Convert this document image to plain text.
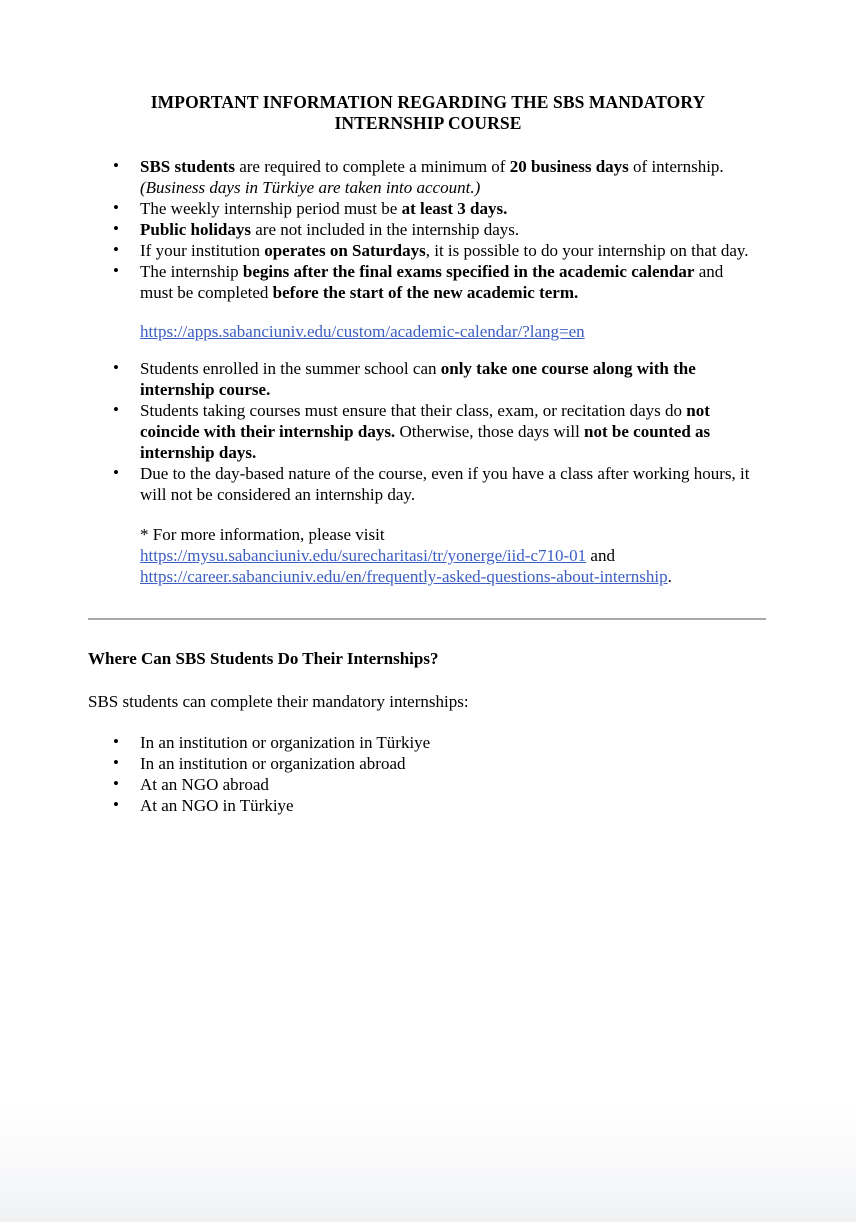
IMPORTANT INFORMATION REGARDING THE SBS MANDATORY
INTERNSHIP COURSE
• SBS students are required to complete a minimum of 20 business days of internship.
(Business days in Türkiye are taken into account.)
• The weekly internship period must be at least 3 days.
• Public holidays are not included in the internship days.
• If your institution operates on Saturdays, it is possible to do your internship on that day.
• The internship begins after the final exams specified in the academic calendar and must be completed before the start of the new academic term.
https://apps.sabanciuniv.edu/custom/academic-calendar/?lang=en
• Students enrolled in the summer school can only take one course along with the internship course.
• Students taking courses must ensure that their class, exam, or recitation days do not coincide with their internship days. Otherwise, those days will not be counted as internship days.
• Due to the day-based nature of the course, even if you have a class after working hours, it will not be considered an internship day.
* For more information, please visit
https://mysu.sabanciuniv.edu/surecharitasi/tr/yonerge/iid-c710-01 and
https://career.sabanciuniv.edu/en/frequently-asked-questions-about-internship.
Where Can SBS Students Do Their Internships?
SBS students can complete their mandatory internships:
• In an institution or organization in Türkiye
• In an institution or organization abroad
• At an NGO abroad
• At an NGO in Türkiye
